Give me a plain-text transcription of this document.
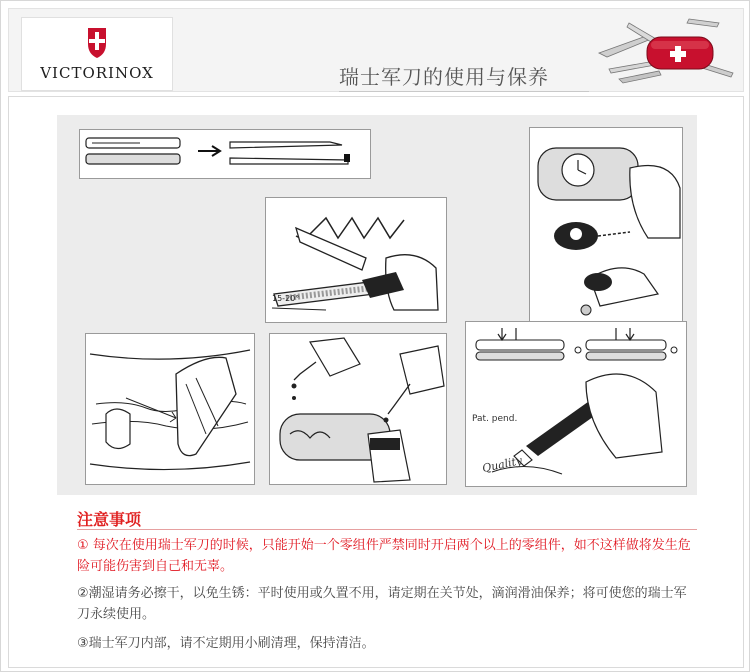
VICTORINOX	瑞士军刀的使用与保养
15-20°
Pat. pend.
Quality
注意事项
① 每次在使用瑞士军刀的时候，只能开始一个零组件严禁同时开启两个以上的零组件，如不这样做将发生危险可能伤害到自己和无辜。
②潮湿请务必擦干，以免生锈：平时使用或久置不用，请定期在关节处，滴润滑油保养；将可使您的瑞士军刀永续使用。
③瑞士军刀内部，请不定期用小刷清理，保持清洁。
